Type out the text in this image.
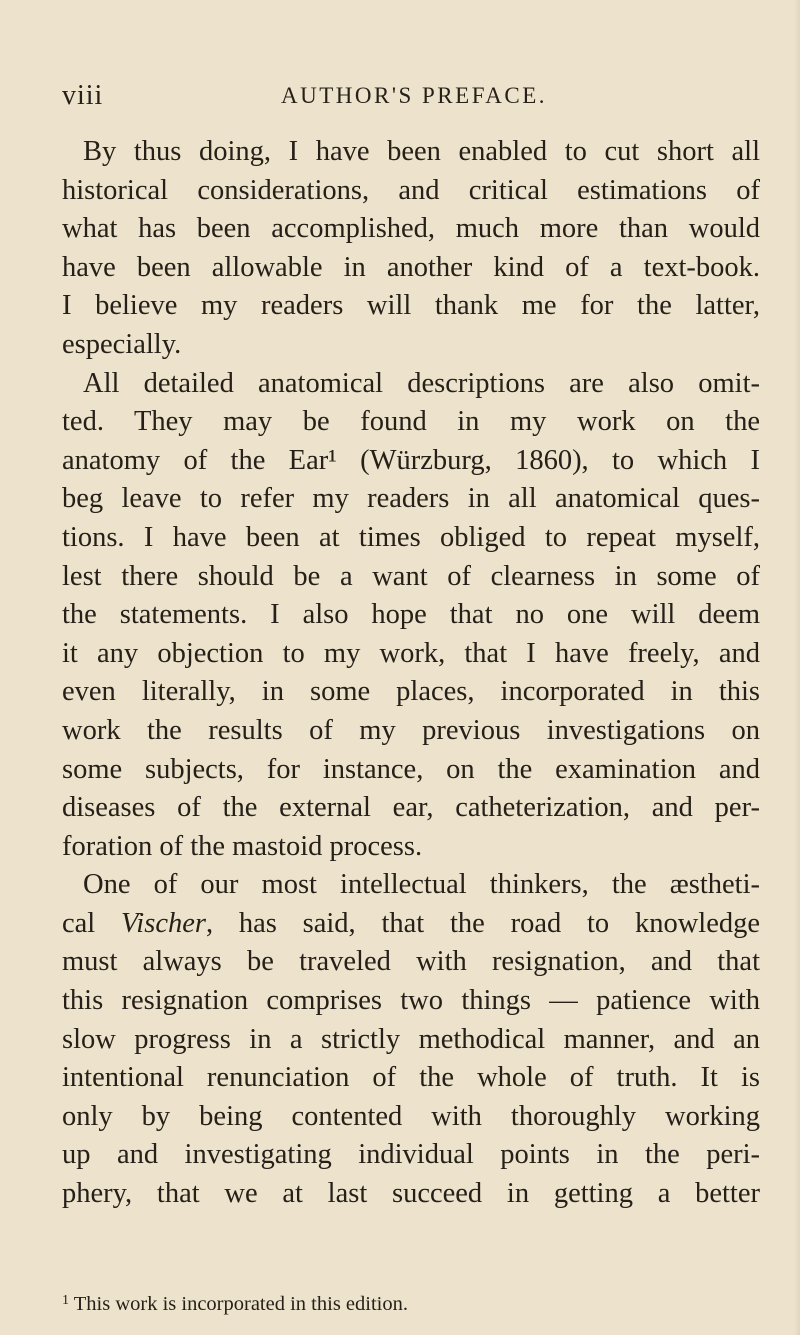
viii	AUTHOR'S PREFACE.
By thus doing, I have been enabled to cut short all
historical considerations, and critical estimations of
what has been accomplished, much more than would
have been allowable in another kind of a text-book.
I believe my readers will thank me for the latter,
especially.
All detailed anatomical descriptions are also omit-
ted. They may be found in my work on the
anatomy of the Ear¹ (Würzburg, 1860), to which I
beg leave to refer my readers in all anatomical ques-
tions. I have been at times obliged to repeat myself,
lest there should be a want of clearness in some of
the statements. I also hope that no one will deem
it any objection to my work, that I have freely, and
even literally, in some places, incorporated in this
work the results of my previous investigations on
some subjects, for instance, on the examination and
diseases of the external ear, catheterization, and per-
foration of the mastoid process.
One of our most intellectual thinkers, the æstheti-
cal Vischer, has said, that the road to knowledge
must always be traveled with resignation, and that
this resignation comprises two things — patience with
slow progress in a strictly methodical manner, and an
intentional renunciation of the whole of truth. It is
only by being contented with thoroughly working
up and investigating individual points in the peri-
phery, that we at last succeed in getting a better
$^1$ This work is incorporated in this edition.
